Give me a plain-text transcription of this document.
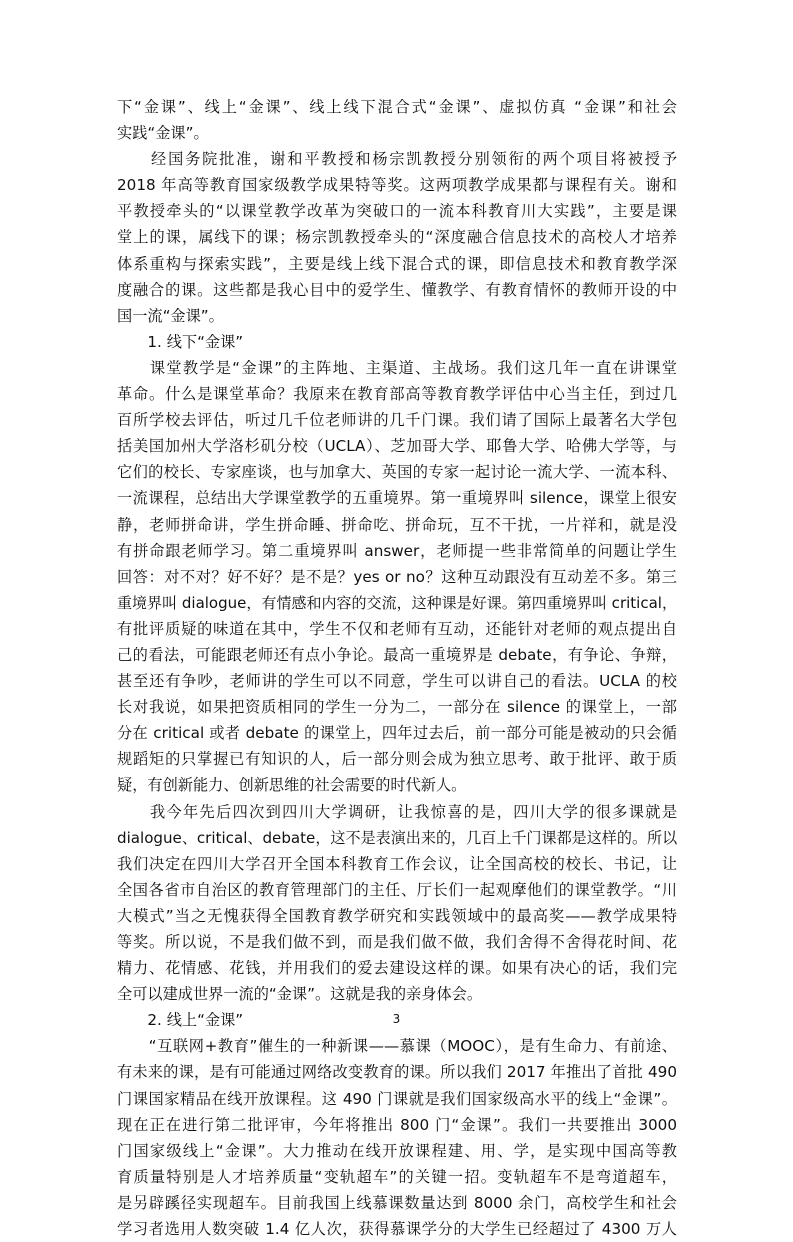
下“金课”、线上“金课”、线上线下混合式“金课”、虚拟仿真 “金课”和社会
实践“金课”。
　　经国务院批准，谢和平教授和杨宗凯教授分别领衔的两个项目将被授予
2018 年高等教育国家级教学成果特等奖。这两项教学成果都与课程有关。谢和
平教授牵头的“以课堂教学改革为突破口的一流本科教育川大实践”，主要是课
堂上的课，属线下的课；杨宗凯教授牵头的“深度融合信息技术的高校人才培养
体系重构与探索实践”，主要是线上线下混合式的课，即信息技术和教育教学深
度融合的课。这些都是我心目中的爱学生、懂教学、有教育情怀的教师开设的中
国一流“金课”。
　　1. 线下“金课”
　　课堂教学是“金课”的主阵地、主渠道、主战场。我们这几年一直在讲课堂
革命。什么是课堂革命？我原来在教育部高等教育教学评估中心当主任，到过几
百所学校去评估，听过几千位老师讲的几千门课。我们请了国际上最著名大学包
括美国加州大学洛杉矶分校（UCLA）、芝加哥大学、耶鲁大学、哈佛大学等，与
它们的校长、专家座谈，也与加拿大、英国的专家一起讨论一流大学、一流本科、
一流课程，总结出大学课堂教学的五重境界。第一重境界叫 silence，课堂上很安
静，老师拼命讲，学生拼命睡、拼命吃、拼命玩，互不干扰，一片祥和，就是没
有拼命跟老师学习。第二重境界叫 answer，老师提一些非常简单的问题让学生
回答：对不对？好不好？是不是？yes or no？这种互动跟没有互动差不多。第三
重境界叫 dialogue，有情感和内容的交流，这种课是好课。第四重境界叫 critical，
有批评质疑的味道在其中，学生不仅和老师有互动，还能针对老师的观点提出自
己的看法，可能跟老师还有点小争论。最高一重境界是 debate，有争论、争辩，
甚至还有争吵，老师讲的学生可以不同意，学生可以讲自己的看法。UCLA 的校
长对我说，如果把资质相同的学生一分为二，一部分在 silence 的课堂上，一部
分在 critical 或者 debate 的课堂上，四年过去后，前一部分可能是被动的只会循
规蹈矩的只掌握已有知识的人，后一部分则会成为独立思考、敢于批评、敢于质
疑，有创新能力、创新思维的社会需要的时代新人。
　　我今年先后四次到四川大学调研，让我惊喜的是，四川大学的很多课就是
dialogue、critical、debate，这不是表演出来的，几百上千门课都是这样的。所以
我们决定在四川大学召开全国本科教育工作会议，让全国高校的校长、书记，让
全国各省市自治区的教育管理部门的主任、厅长们一起观摩他们的课堂教学。“川
大模式”当之无愧获得全国教育教学研究和实践领域中的最高奖——教学成果特
等奖。所以说，不是我们做不到，而是我们做不做，我们舍得不舍得花时间、花
精力、花情感、花钱，并用我们的爱去建设这样的课。如果有决心的话，我们完
全可以建成世界一流的“金课”。这就是我的亲身体会。
　　2. 线上“金课”
　　“互联网+教育”催生的一种新课——慕课（MOOC），是有生命力、有前途、
有未来的课，是有可能通过网络改变教育的课。所以我们 2017 年推出了首批 490
门课国家精品在线开放课程。这 490 门课就是我们国家级高水平的线上“金课”。
现在正在进行第二批评审，今年将推出 800 门“金课”。我们一共要推出 3000
门国家级线上“金课”。大力推动在线开放课程建、用、学，是实现中国高等教
育质量特别是人才培养质量“变轨超车”的关键一招。变轨超车不是弯道超车，
是另辟蹊径实现超车。目前我国上线慕课数量达到 8000 余门，高校学生和社会
学习者选用人数突破 1.4 亿人次，获得慕课学分的大学生已经超过了 4300 万人
3
